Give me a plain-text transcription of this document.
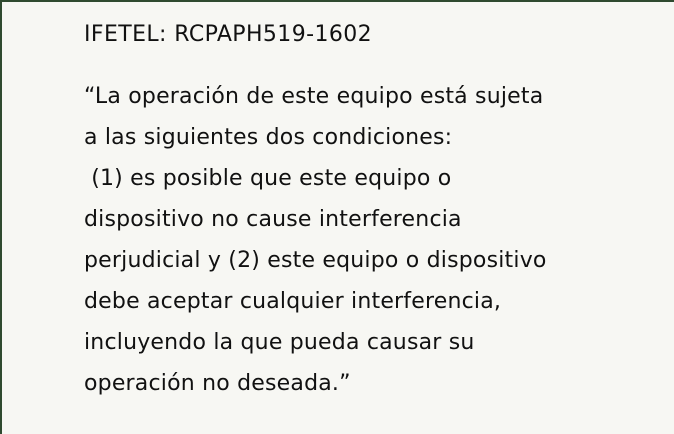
IFETEL: RCPAPH519-1602
“La operación de este equipo está sujeta
a las siguientes dos condiciones:
(1) es posible que este equipo o
dispositivo no cause interferencia
perjudicial y (2) este equipo o dispositivo
debe aceptar cualquier interferencia,
incluyendo la que pueda causar su
operación no deseada.”
